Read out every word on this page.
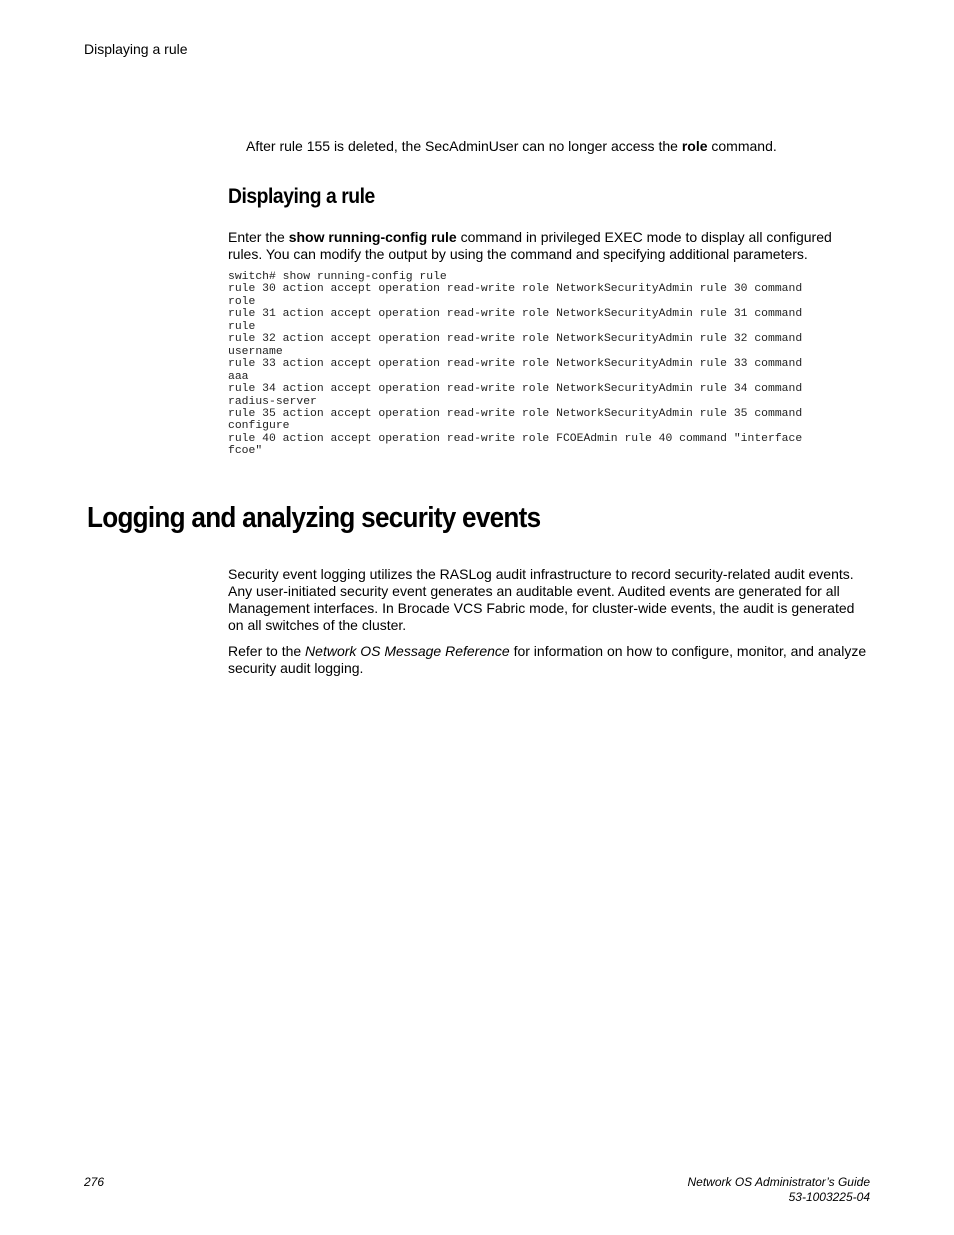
Displaying a rule

After rule 155 is deleted, the SecAdminUser can no longer access the role command.

Displaying a rule

Enter the show running-config rule command in privileged EXEC mode to display all configured rules. You can modify the output by using the command and specifying additional parameters.

switch# show running-config rule
rule 30 action accept operation read-write role NetworkSecurityAdmin rule 30 command
role
rule 31 action accept operation read-write role NetworkSecurityAdmin rule 31 command
rule
rule 32 action accept operation read-write role NetworkSecurityAdmin rule 32 command
username
rule 33 action accept operation read-write role NetworkSecurityAdmin rule 33 command
aaa
rule 34 action accept operation read-write role NetworkSecurityAdmin rule 34 command
radius-server
rule 35 action accept operation read-write role NetworkSecurityAdmin rule 35 command
configure
rule 40 action accept operation read-write role FCOEAdmin rule 40 command "interface
fcoe"
Logging and analyzing security events

Security event logging utilizes the RASLog audit infrastructure to record security-related audit events. Any user-initiated security event generates an auditable event. Audited events are generated for all Management interfaces. In Brocade VCS Fabric mode, for cluster-wide events, the audit is generated on all switches of the cluster.

Refer to the Network OS Message Reference for information on how to configure, monitor, and analyze security audit logging.

276	Network OS Administrator’s Guide
53-1003225-04
